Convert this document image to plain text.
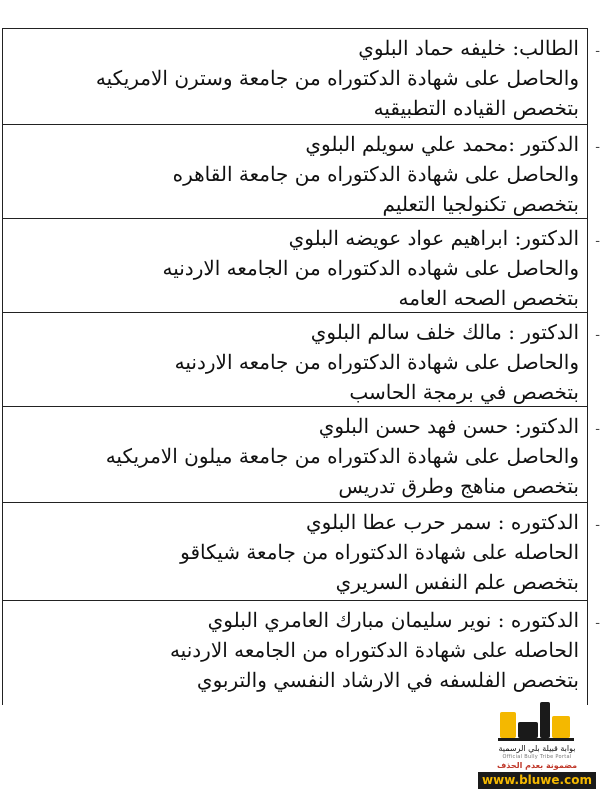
-
الطالب: خليفه حماد البلوي
والحاصل على شهادة الدكتوراه من جامعة وسترن الامريكيه
بتخصص القياده التطبيقيه
-
الدكتور :محمد علي سويلم البلوي
والحاصل على شهادة الدكتوراه من جامعة القاهره
بتخصص تكنولجيا التعليم
-
الدكتور: ابراهيم عواد عويضه البلوي
والحاصل على شهاده الدكتوراه من الجامعه الاردنيه
بتخصص الصحه العامه
-
الدكتور : مالك خلف سالم البلوي
والحاصل على شهادة الدكتوراه من جامعه الاردنيه
بتخصص في برمجة الحاسب
-
الدكتور: حسن فهد حسن البلوي
والحاصل على شهادة الدكتوراه من جامعة ميلون الامريكيه
بتخصص مناهج وطرق تدريس
-
الدكتوره : سمر حرب عطا البلوي
الحاصله على شهادة الدكتوراه من جامعة شيكاقو
بتخصص علم النفس السريري
-
الدكتوره : نوير سليمان مبارك العامري البلوي
الحاصله على شهادة الدكتوراه من الجامعه الاردنيه
بتخصص الفلسفه في الارشاد النفسي والتربوي
بوابة قبيلة بلي الرسمية
Official Bully Tribe Portal
مضمونة بعدم الحذف
www.bluwe.com
